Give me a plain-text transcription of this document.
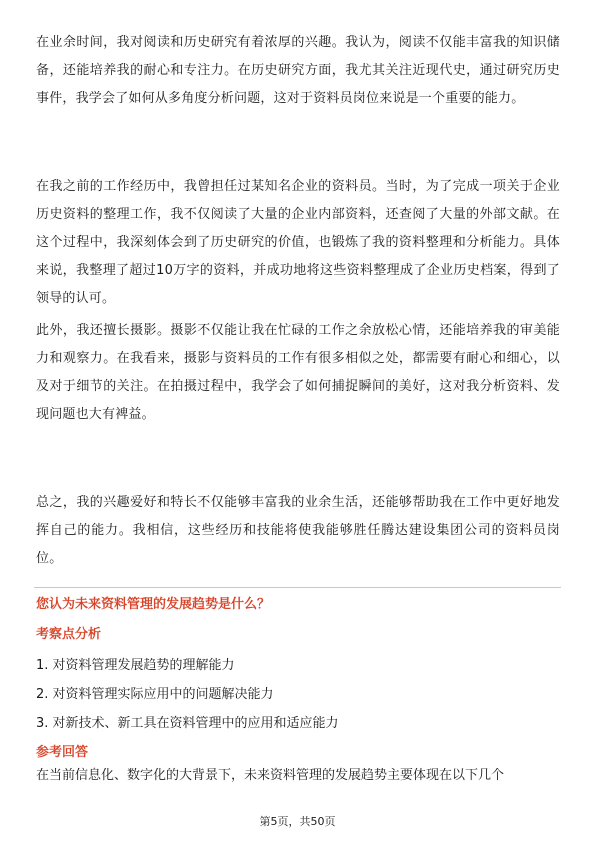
在业余时间，我对阅读和历史研究有着浓厚的兴趣。我认为，阅读不仅能丰富我的知识储备，还能培养我的耐心和专注力。在历史研究方面，我尤其关注近现代史，通过研究历史事件，我学会了如何从多角度分析问题，这对于资料员岗位来说是一个重要的能力。

在我之前的工作经历中，我曾担任过某知名企业的资料员。当时，为了完成一项关于企业历史资料的整理工作，我不仅阅读了大量的企业内部资料，还查阅了大量的外部文献。在这个过程中，我深刻体会到了历史研究的价值，也锻炼了我的资料整理和分析能力。具体来说，我整理了超过10万字的资料，并成功地将这些资料整理成了企业历史档案，得到了领导的认可。

此外，我还擅长摄影。摄影不仅能让我在忙碌的工作之余放松心情，还能培养我的审美能力和观察力。在我看来，摄影与资料员的工作有很多相似之处，都需要有耐心和细心，以及对于细节的关注。在拍摄过程中，我学会了如何捕捉瞬间的美好，这对我分析资料、发现问题也大有裨益。

总之，我的兴趣爱好和特长不仅能够丰富我的业余生活，还能够帮助我在工作中更好地发挥自己的能力。我相信，这些经历和技能将使我能够胜任腾达建设集团公司的资料员岗位。

您认为未来资料管理的发展趋势是什么？

考察点分析

1. 对资料管理发展趋势的理解能力
2. 对资料管理实际应用中的问题解决能力
3. 对新技术、新工具在资料管理中的应用和适应能力

参考回答

在当前信息化、数字化的大背景下，未来资料管理的发展趋势主要体现在以下几个

第5页，共50页
